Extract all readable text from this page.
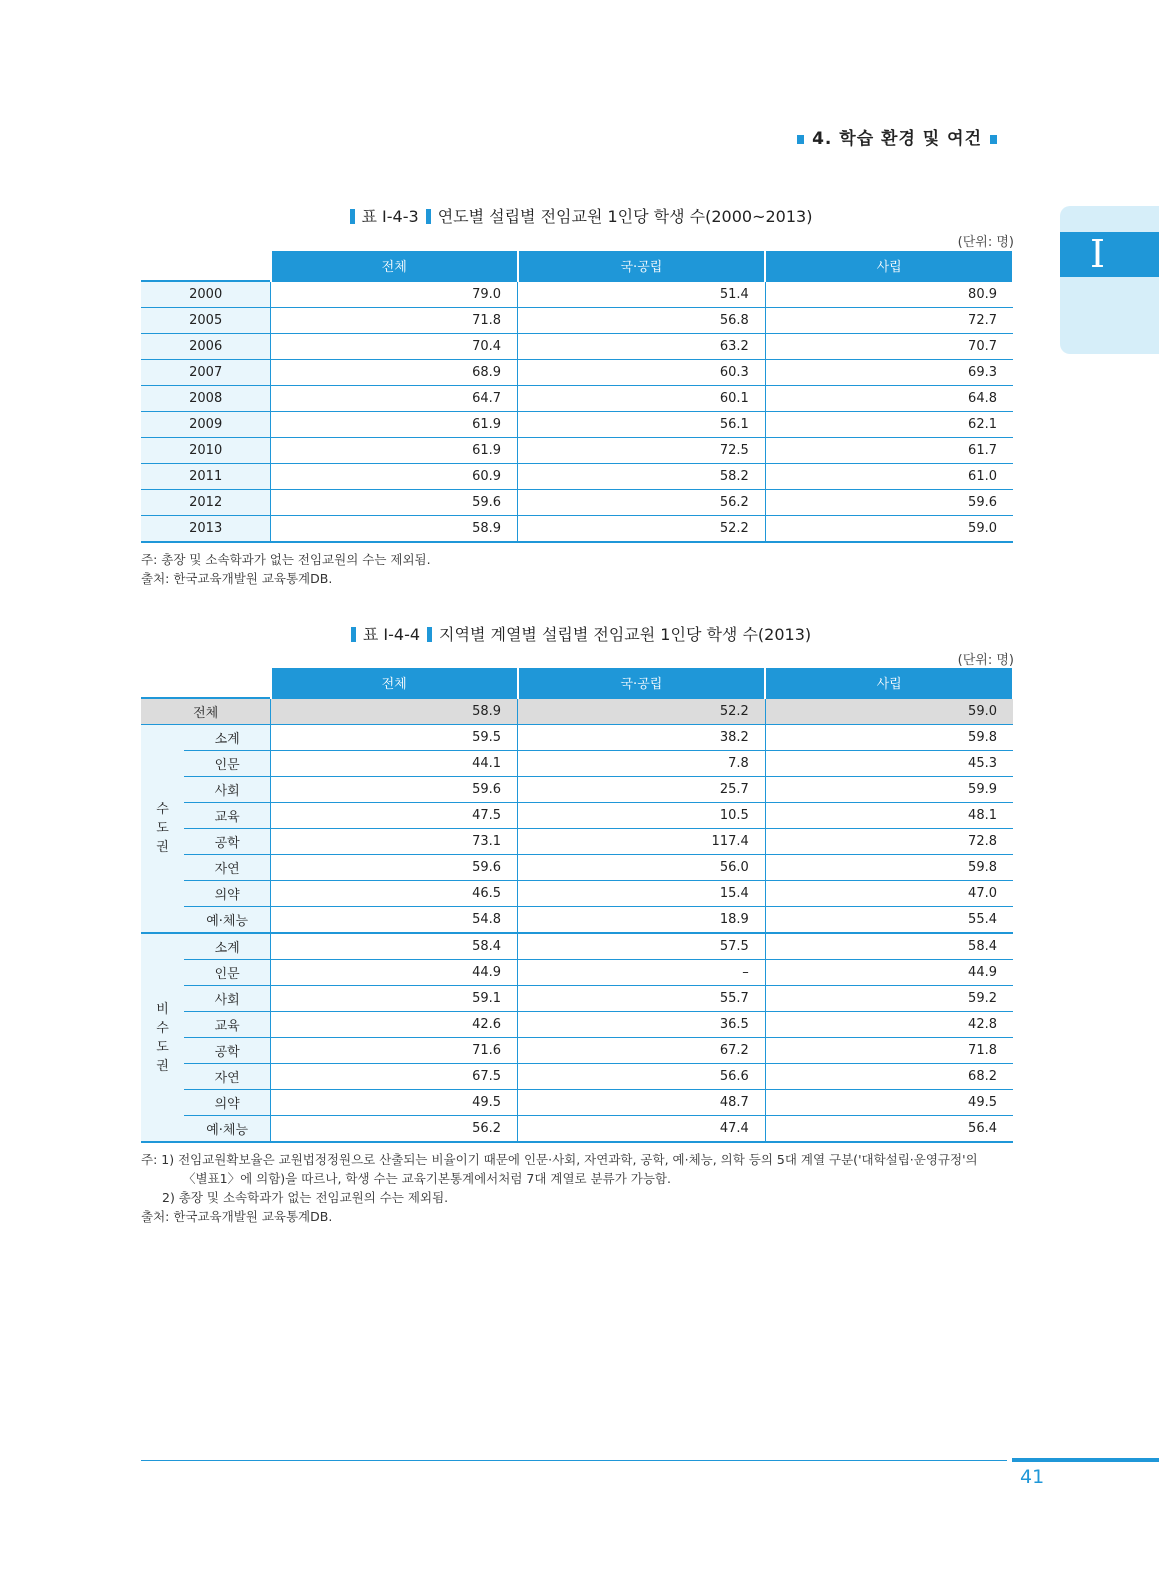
4. 학습 환경 및 여건
Ⅰ
표 Ⅰ-4-3 연도별 설립별 전임교원 1인당 학생 수(2000~2013)
(단위: 명)
	전체	국·공립	사립
2000	79.0	51.4	80.9
2005	71.8	56.8	72.7
2006	70.4	63.2	70.7
2007	68.9	60.3	69.3
2008	64.7	60.1	64.8
2009	61.9	56.1	62.1
2010	61.9	72.5	61.7
2011	60.9	58.2	61.0
2012	59.6	56.2	59.6
2013	58.9	52.2	59.0
주: 총장 및 소속학과가 없는 전임교원의 수는 제외됨.
출처: 한국교육개발원 교육통계DB.
표 Ⅰ-4-4 지역별 계열별 설립별 전임교원 1인당 학생 수(2013)
(단위: 명)
		전체	국·공립	사립
전체		58.9	52.2	59.0
수도권	소계	59.5	38.2	59.8
	인문	44.1	7.8	45.3
	사회	59.6	25.7	59.9
	교육	47.5	10.5	48.1
	공학	73.1	117.4	72.8
	자연	59.6	56.0	59.8
	의약	46.5	15.4	47.0
	예·체능	54.8	18.9	55.4
비수도권	소계	58.4	57.5	58.4
	인문	44.9	–	44.9
	사회	59.1	55.7	59.2
	교육	42.6	36.5	42.8
	공학	71.6	67.2	71.8
	자연	67.5	56.6	68.2
	의약	49.5	48.7	49.5
	예·체능	56.2	47.4	56.4
주: 1) 전임교원확보율은 교원법정정원으로 산출되는 비율이기 때문에 인문·사회, 자연과학, 공학, 예·체능, 의학 등의 5대 계열 구분('대학설립·운영규정'의
〈별표1〉에 의함)을 따르나, 학생 수는 교육기본통계에서처럼 7대 계열로 분류가 가능함.
2) 총장 및 소속학과가 없는 전임교원의 수는 제외됨.
출처: 한국교육개발원 교육통계DB.
41
